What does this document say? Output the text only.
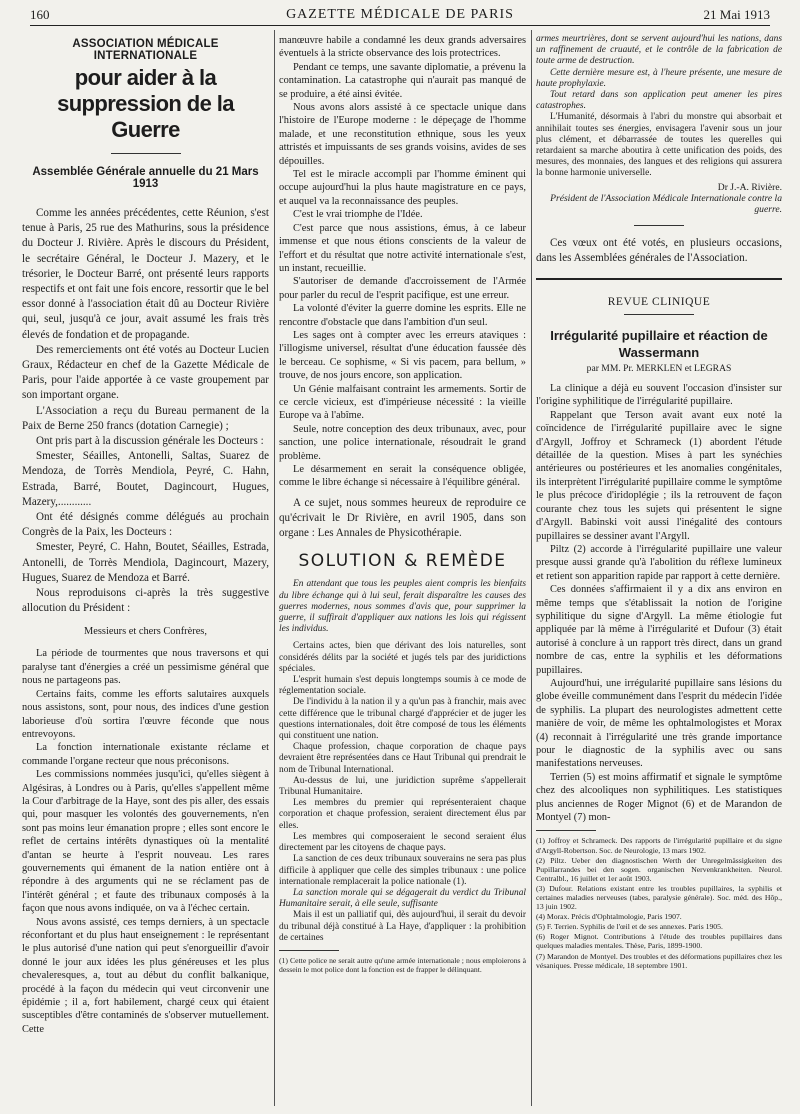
160	GAZETTE MÉDICALE DE PARIS	21 Mai 1913
ASSOCIATION MÉDICALE INTERNATIONALE
pour aider à la suppression de la Guerre
Assemblée Générale annuelle du 21 Mars 1913

Comme les années précédentes, cette Réunion, s'est tenue à Paris, 25 rue des Mathurins, sous la présidence du Docteur J. Rivière. Après le discours du Président, le secrétaire Général, le Docteur J. Mazery, et le trésorier, le Docteur Barré, ont présenté leurs rapports respectifs et ont fait une fois encore, ressortir que le bel essor donné à l'association était dû au Docteur Rivière qui, seul, jusqu'à ce jour, avait assumé les frais très élevés de fondation et de propagande.

Des remerciements ont été votés au Docteur Lucien Graux, Rédacteur en chef de la Gazette Médicale de Paris, pour l'aide apportée à ce vaste groupement par son important organe.

L'Association a reçu du Bureau permanent de la Paix de Berne 250 francs (dotation Carnegie) ;

Ont pris part à la discussion générale les Docteurs :

Smester, Séailles, Antonelli, Saltas, Suarez de Mendoza, de Torrès Mendiola, Peyré, C. Hahn, Estrada, Barré, Boutet, Dagincourt, Hugues, Mazery,............

Ont été désignés comme délégués au prochain Congrès de la Paix, les Docteurs :

Smester, Peyré, C. Hahn, Boutet, Séailles, Estrada, Antonelli, de Torrès Mendiola, Dagincourt, Mazery, Hugues, Suarez de Mendoza et Barré.

Nous reproduisons ci-après la très suggestive allocution du Président :

Messieurs et chers Confrères,

La période de tourmentes que nous traversons et qui paralyse tant d'énergies a créé un pessimisme général que nous ne partageons pas.

Certains faits, comme les efforts salutaires auxquels nous assistons, sont, pour nous, des indices d'une gestion laborieuse d'où sortira l'œuvre féconde que nous entrevoyons.

La fonction internationale existante réclame et commande l'organe recteur que nous préconisons.

Les commissions nommées jusqu'ici, qu'elles siègent à Algésiras, à Londres ou à Paris, qu'elles s'appellent même la Cour d'arbitrage de la Haye, sont des pis aller, des essais qui, pour masquer les volontés des gouvernements, n'en sont pas moins leur émanation propre ; elles sont encore le reflet de certains intérêts dynastiques où la mentalité d'antan se heurte à l'esprit nouveau. Les rares gouvernements qui émanent de la nation entière ont à répondre à des arguments qui ne se réclament pas de l'intérêt général ; et faute des tribunaux composés à la façon que nous avons indiquée, on va à l'échec certain.

Nous avons assisté, ces temps derniers, à un spectacle réconfortant et du plus haut enseignement : le représentant le plus autorisé d'une nation qui peut s'enorgueillir d'avoir donné le jour aux idées les plus généreuses et les plus chevaleresques, a, tout au début du conflit balkanique, procédé à la façon du médecin qui veut circonvenir une épidémie ; il a, fort habilement, chargé ceux qui étaient susceptibles d'être contaminés de s'observer mutuellement. Cette

manœuvre habile a condamné les deux grands adversaires éventuels à la stricte observance des lois protectrices.

Pendant ce temps, une savante diplomatie, a prévenu la contamination. La catastrophe qui n'aurait pas manqué de se produire, a été ainsi évitée.

Nous avons alors assisté à ce spectacle unique dans l'histoire de l'Europe moderne : le dépeçage de l'homme malade, et une reconstitution ethnique, sous les yeux attristés et impuissants de ses grands voisins, avides de ses dépouilles.

Tel est le miracle accompli par l'homme éminent qui occupe aujourd'hui la plus haute magistrature en ce pays, et auquel va la reconnaissance des peuples.

C'est le vrai triomphe de l'Idée.

C'est parce que nous assistions, émus, à ce labeur immense et que nous étions conscients de la valeur de l'effort et du résultat que notre activité internationale s'est, un instant, recueillie.

S'autoriser de demande d'accroissement de l'Armée pour parler du recul de l'esprit pacifique, est une erreur.

La volonté d'éviter la guerre domine les esprits. Elle ne rencontre d'obstacle que dans l'ambition d'un seul.

Les sages ont à compter avec les erreurs ataviques : l'illogisme universel, résultat d'une éducation faussée dès le berceau. Ce sophisme, « Si vis pacem, para bellum, » trouve, de nos jours encore, son application.

Un Génie malfaisant contraint les armements. Sortir de ce cercle vicieux, est d'impérieuse nécessité : la vieille Europe va à l'abîme.

Seule, notre conception des deux tribunaux, avec, pour sanction, une police internationale, résoudrait le grand problème.

Le désarmement en serait la conséquence obligée, comme le libre échange si nécessaire à l'équilibre général.

A ce sujet, nous sommes heureux de reproduire ce qu'écrivait le Dr Rivière, en avril 1905, dans son organe : Les Annales de Physicothérapie.

SOLUTION & REMÈDE

En attendant que tous les peuples aient compris les bienfaits du libre échange qui à lui seul, ferait disparaître les causes des guerres modernes, nous sommes d'avis que, pour supprimer la guerre, il suffirait d'appliquer aux nations les lois qui régissent les individus.

Certains actes, bien que dérivant des lois naturelles, sont considérés délits par la société et jugés tels par des juridictions spéciales.

L'esprit humain s'est depuis longtemps soumis à ce mode de réglementation sociale.

De l'individu à la nation il y a qu'un pas à franchir, mais avec cette différence que le tribunal chargé d'apprécier et de juger les questions internationales, doit être composé de tous les éléments qui constituent une nation.

Chaque profession, chaque corporation de chaque pays devraient être représentées dans ce Haut Tribunal qui prendrait le nom de Tribunal International.

Au-dessus de lui, une juridiction suprême s'appellerait Tribunal Humanitaire.

Les membres du premier qui représenteraient chaque corporation et chaque profession, seraient directement élus par elles.

Les membres qui composeraient le second seraient élus directement par les citoyens de chaque pays.

La sanction de ces deux tribunaux souverains ne sera pas plus difficile à appliquer que celle des simples tribunaux : une police internationale remplacerait la police nationale (1).

La sanction morale qui se dégagerait du verdict du Tribunal Humanitaire serait, à elle seule, suffisante

Mais il est un palliatif qui, dès aujourd'hui, il serait du devoir du tribunal déjà constitué à La Haye, d'appliquer : la prohibition de certaines

(1) Cette police ne serait autre qu'une armée internationale ; nous emploierons à dessein le mot police dont la fonction est de frapper le délinquant.

armes meurtrières, dont se servent aujourd'hui les nations, dans un raffinement de cruauté, et le contrôle de la fabrication de toute arme de destruction.

Cette dernière mesure est, à l'heure présente, une mesure de haute prophylaxie.

Tout retard dans son application peut amener les pires catastrophes.

L'Humanité, désormais à l'abri du monstre qui absorbait et annihilait toutes ses énergies, envisagera l'avenir sous un jour plus clément, et débarrassée de toutes les querelles qui retardaient sa marche aboutira à cette unification des poids, des mesures, des monnaies, des langues et des religions qui assurera la bonne harmonie universelle.

Dr J.-A. Rivière.
Président de l'Association Médicale Internationale contre la guerre.

Ces vœux ont été votés, en plusieurs occasions, dans les Assemblées générales de l'Association.

REVUE CLINIQUE
Irrégularité pupillaire et réaction de Wassermann
par MM. Pr. MERKLEN et LEGRAS

La clinique a déjà eu souvent l'occasion d'insister sur l'origine syphilitique de l'irrégularité pupillaire.

Rappelant que Terson avait avant eux noté la coïncidence de l'irrégularité pupillaire avec le signe d'Argyll, Joffroy et Schrameck (1) abordent l'étude détaillée de la question. Mises à part les synéchies antérieures ou postérieures et les anomalies congénitales, ils interprètent l'irrégularité pupillaire comme le symptôme le plus précoce d'iridoplégie ; ils la retrouvent de façon courante chez tous les sujets qui présentent le signe d'Argyll. Babinski voit aussi l'inégalité des contours pupillaires se dessiner avant l'Argyll.

Piltz (2) accorde à l'irrégularité pupillaire une valeur presque aussi grande qu'à l'abolition du réflexe lumineux et retient son apparition rapide par rapport à cette dernière.

Ces données s'affirmaient il y a dix ans environ en même temps que s'établissait la notion de l'origine syphilitique du signe d'Argyll. La même étiologie fut appliquée par là même à l'irrégularité et Dufour (3) était autorisé à conclure à un rapport très direct, dans un grand nombre de cas, entre la syphilis et les déformations pupillaires.

Aujourd'hui, une irrégularité pupillaire sans lésions du globe éveille communément dans l'esprit du médecin l'idée de syphilis. La plupart des neurologistes admettent cette manière de voir, de même les ophtalmologistes et Morax (4) reconnait à l'irrégularité une très grande importance pour le diagnostic de la syphilis avec ou sans manifestations nerveuses.

Terrien (5) est moins affirmatif et signale le symptôme chez des alcooliques non syphilitiques. Les statistiques plus anciennes de Roger Mignot (6) et de Marandon de Montyel (7) mon-

(1) Joffroy et Schrameck. Des rapports de l'irrégularité pupillaire et du signe d'Argyll-Robertson. Soc. de Neurologie, 13 mars 1902.

(2) Piltz. Ueber den diagnostischen Werth der Unregelmässigkeiten des Pupillarrandes bei den sogen. organischen Nervenkrankheiten. Neurol. Centralbl., 16 juillet et 1er août 1903.

(3) Dufour. Relations existant entre les troubles pupillaires, la syphilis et certaines maladies nerveuses (tabes, paralysie générale). Soc. méd. des Hôp., 13 juin 1902.

(4) Morax. Précis d'Ophtalmologie, Paris 1907.

(5) F. Terrien. Syphilis de l'œil et de ses annexes. Paris 1905.

(6) Roger Mignot. Contributions à l'étude des troubles pupillaires dans quelques maladies mentales. Thèse, Paris, 1899-1900.

(7) Marandon de Montyel. Des troubles et des déformations pupillaires chez les vésaniques. Presse médicale, 18 septembre 1901.
